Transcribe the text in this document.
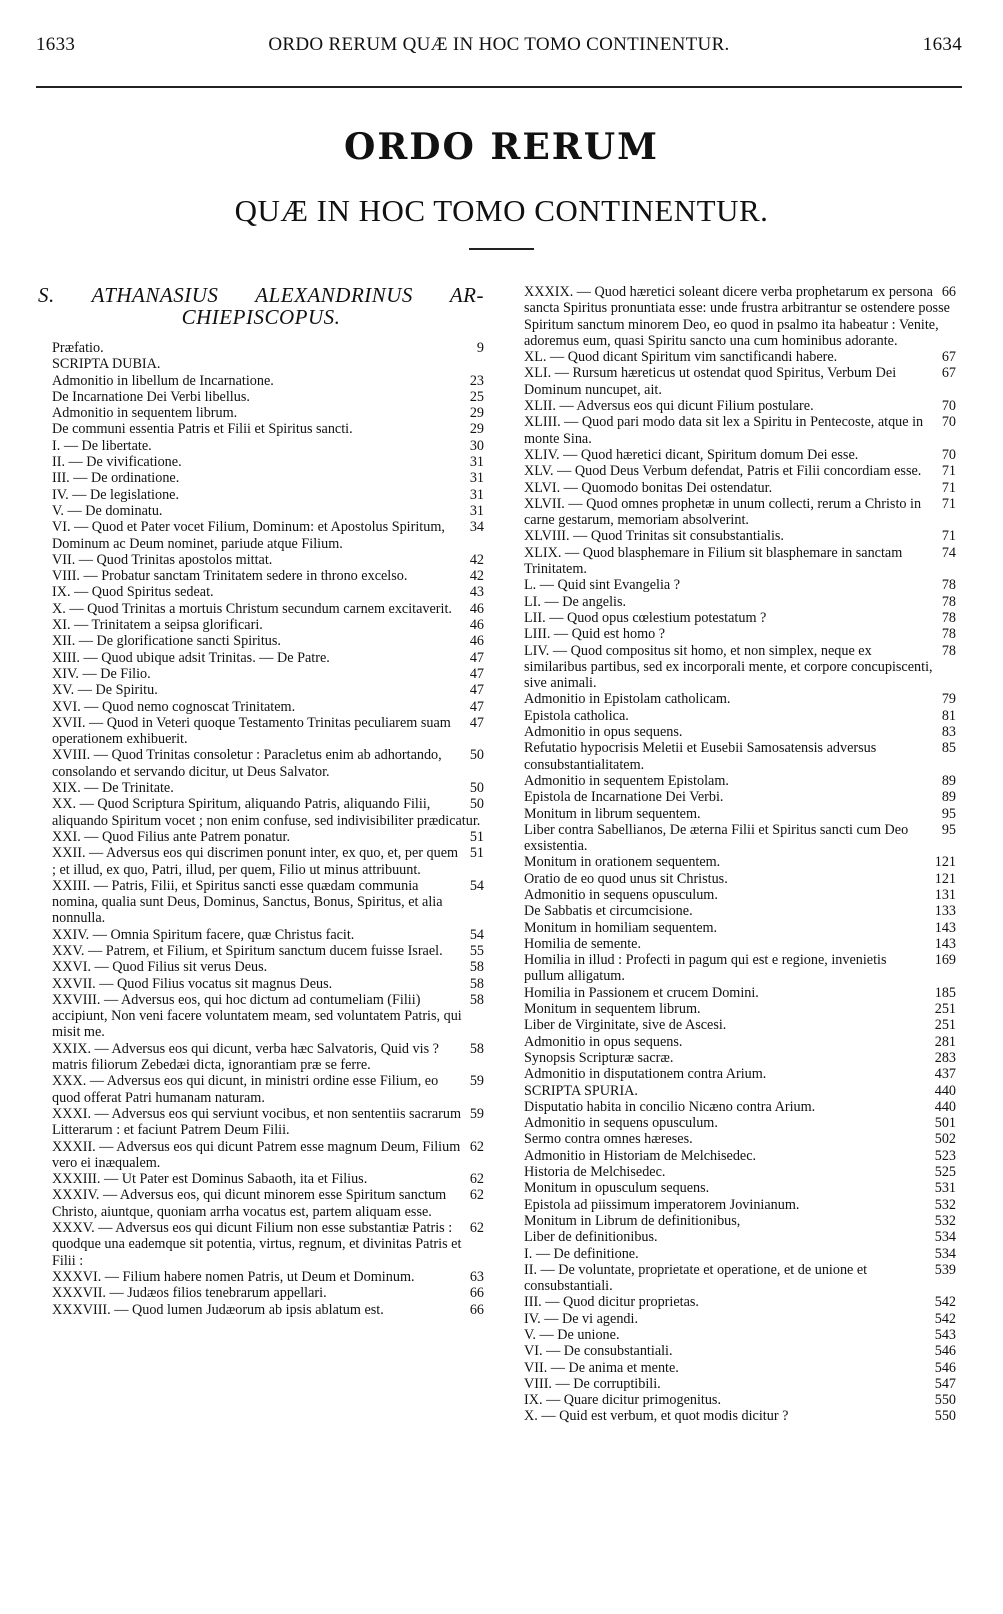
1633	ORDO RERUM QUÆ IN HOC TOMO CONTINENTUR.	1634
ORDO RERUM
QUÆ IN HOC TOMO CONTINENTUR.
S. ATHANASIUS ALEXANDRINUS AR-
CHIEPISCOPUS.
9
Præfatio.
SCRIPTA DUBIA.
23
Admonitio in libellum de Incarnatione.
25
De Incarnatione Dei Verbi libellus.
29
Admonitio in sequentem librum.
29
De communi essentia Patris et Filii et Spiritus sancti.
30
I. — De libertate.
31
II. — De vivificatione.
31
III. — De ordinatione.
31
IV. — De legislatione.
31
V. — De dominatu.
34
VI. — Quod et Pater vocet Filium, Dominum: et Apostolus Spiritum, Dominum ac Deum nominet, pariude atque Filium.
42
VII. — Quod Trinitas apostolos mittat.
42
VIII. — Probatur sanctam Trinitatem sedere in throno excelso.
43
IX. — Quod Spiritus sedeat.
46
X. — Quod Trinitas a mortuis Christum secundum carnem excitaverit.
46
XI. — Trinitatem a seipsa glorificari.
46
XII. — De glorificatione sancti Spiritus.
47
XIII. — Quod ubique adsit Trinitas. — De Patre.
47
XIV. — De Filio.
47
XV. — De Spiritu.
47
XVI. — Quod nemo cognoscat Trinitatem.
47
XVII. — Quod in Veteri quoque Testamento Trinitas peculiarem suam operationem exhibuerit.
50
XVIII. — Quod Trinitas consoletur : Paracletus enim ab adhortando, consolando et servando dicitur, ut Deus Salvator.
50
XIX. — De Trinitate.
50
XX. — Quod Scriptura Spiritum, aliquando Patris, aliquando Filii, aliquando Spiritum vocet ; non enim confuse, sed indivisibiliter prædicatur.
51
XXI. — Quod Filius ante Patrem ponatur.
51
XXII. — Adversus eos qui discrimen ponunt inter, ex quo, et, per quem ; et illud, ex quo, Patri, illud, per quem, Filio ut minus attribuunt.
54
XXIII. — Patris, Filii, et Spiritus sancti esse quædam communia nomina, qualia sunt Deus, Dominus, Sanctus, Bonus, Spiritus, et alia nonnulla.
54
XXIV. — Omnia Spiritum facere, quæ Christus facit.
55
XXV. — Patrem, et Filium, et Spiritum sanctum ducem fuisse Israel.
58
XXVI. — Quod Filius sit verus Deus.
58
XXVII. — Quod Filius vocatus sit magnus Deus.
58
XXVIII. — Adversus eos, qui hoc dictum ad contumeliam (Filii) accipiunt, Non veni facere voluntatem meam, sed voluntatem Patris, qui misit me.
58
XXIX. — Adversus eos qui dicunt, verba hæc Salvatoris, Quid vis ? matris filiorum Zebedæi dicta, ignorantiam præ se ferre.
59
XXX. — Adversus eos qui dicunt, in ministri ordine esse Filium, eo quod offerat Patri humanam naturam.
59
XXXI. — Adversus eos qui serviunt vocibus, et non sententiis sacrarum Litterarum : et faciunt Patrem Deum Filii.
62
XXXII. — Adversus eos qui dicunt Patrem esse magnum Deum, Filium vero ei inæqualem.
62
XXXIII. — Ut Pater est Dominus Sabaoth, ita et Filius.
62
XXXIV. — Adversus eos, qui dicunt minorem esse Spiritum sanctum Christo, aiuntque, quoniam arrha vocatus est, partem aliquam esse.
62
XXXV. — Adversus eos qui dicunt Filium non esse substantiæ Patris : quodque una eademque sit potentia, virtus, regnum, et divinitas Patris et Filii :
63
XXXVI. — Filium habere nomen Patris, ut Deum et Dominum.
66
XXXVII. — Judæos filios tenebrarum appellari.
66
XXXVIII. — Quod lumen Judæorum ab ipsis ablatum est.
66
XXXIX. — Quod hæretici soleant dicere verba prophetarum ex persona sancta Spiritus pronuntiata esse: unde frustra arbitrantur se ostendere posse Spiritum sanctum minorem Deo, eo quod in psalmo ita habeatur : Venite, adoremus eum, quasi Spiritu sancto una cum hominibus adorante.
67
XL. — Quod dicant Spiritum vim sanctificandi habere.
67
XLI. — Rursum hæreticus ut ostendat quod Spiritus, Verbum Dei Dominum nuncupet, ait.
70
XLII. — Adversus eos qui dicunt Filium postulare.
70
XLIII. — Quod pari modo data sit lex a Spiritu in Pentecoste, atque in monte Sina.
70
XLIV. — Quod hæretici dicant, Spiritum domum Dei esse.
71
XLV. — Quod Deus Verbum defendat, Patris et Filii concordiam esse.
71
XLVI. — Quomodo bonitas Dei ostendatur.
71
XLVII. — Quod omnes prophetæ in unum collecti, rerum a Christo in carne gestarum, memoriam absolverint.
71
XLVIII. — Quod Trinitas sit consubstantialis.
74
XLIX. — Quod blasphemare in Filium sit blasphemare in sanctam Trinitatem.
78
L. — Quid sint Evangelia ?
78
LI. — De angelis.
78
LII. — Quod opus cœlestium potestatum ?
78
LIII. — Quid est homo ?
78
LIV. — Quod compositus sit homo, et non simplex, neque ex similaribus partibus, sed ex incorporali mente, et corpore concupiscenti, sive animali.
79
Admonitio in Epistolam catholicam.
81
Epistola catholica.
83
Admonitio in opus sequens.
85
Refutatio hypocrisis Meletii et Eusebii Samosatensis adversus consubstantialitatem.
89
Admonitio in sequentem Epistolam.
89
Epistola de Incarnatione Dei Verbi.
95
Monitum in librum sequentem.
95
Liber contra Sabellianos, De æterna Filii et Spiritus sancti cum Deo exsistentia.
121
Monitum in orationem sequentem.
121
Oratio de eo quod unus sit Christus.
131
Admonitio in sequens opusculum.
133
De Sabbatis et circumcisione.
143
Monitum in homiliam sequentem.
143
Homilia de semente.
169
Homilia in illud : Profecti in pagum qui est e regione, invenietis pullum alligatum.
185
Homilia in Passionem et crucem Domini.
251
Monitum in sequentem librum.
251
Liber de Virginitate, sive de Ascesi.
281
Admonitio in opus sequens.
283
Synopsis Scripturæ sacræ.
437
Admonitio in disputationem contra Arium.
440
SCRIPTA SPURIA.
440
Disputatio habita in concilio Nicæno contra Arium.
501
Admonitio in sequens opusculum.
502
Sermo contra omnes hæreses.
523
Admonitio in Historiam de Melchisedec.
525
Historia de Melchisedec.
531
Monitum in opusculum sequens.
532
Epistola ad piissimum imperatorem Jovinianum.
532
Monitum in Librum de definitionibus,
534
Liber de definitionibus.
534
I. — De definitione.
539
II. — De voluntate, proprietate et operatione, et de unione et consubstantiali.
542
III. — Quod dicitur proprietas.
542
IV. — De vi agendi.
543
V. — De unione.
546
VI. — De consubstantiali.
546
VII. — De anima et mente.
547
VIII. — De corruptibili.
550
IX. — Quare dicitur primogenitus.
550
X. — Quid est verbum, et quot modis dicitur ?
